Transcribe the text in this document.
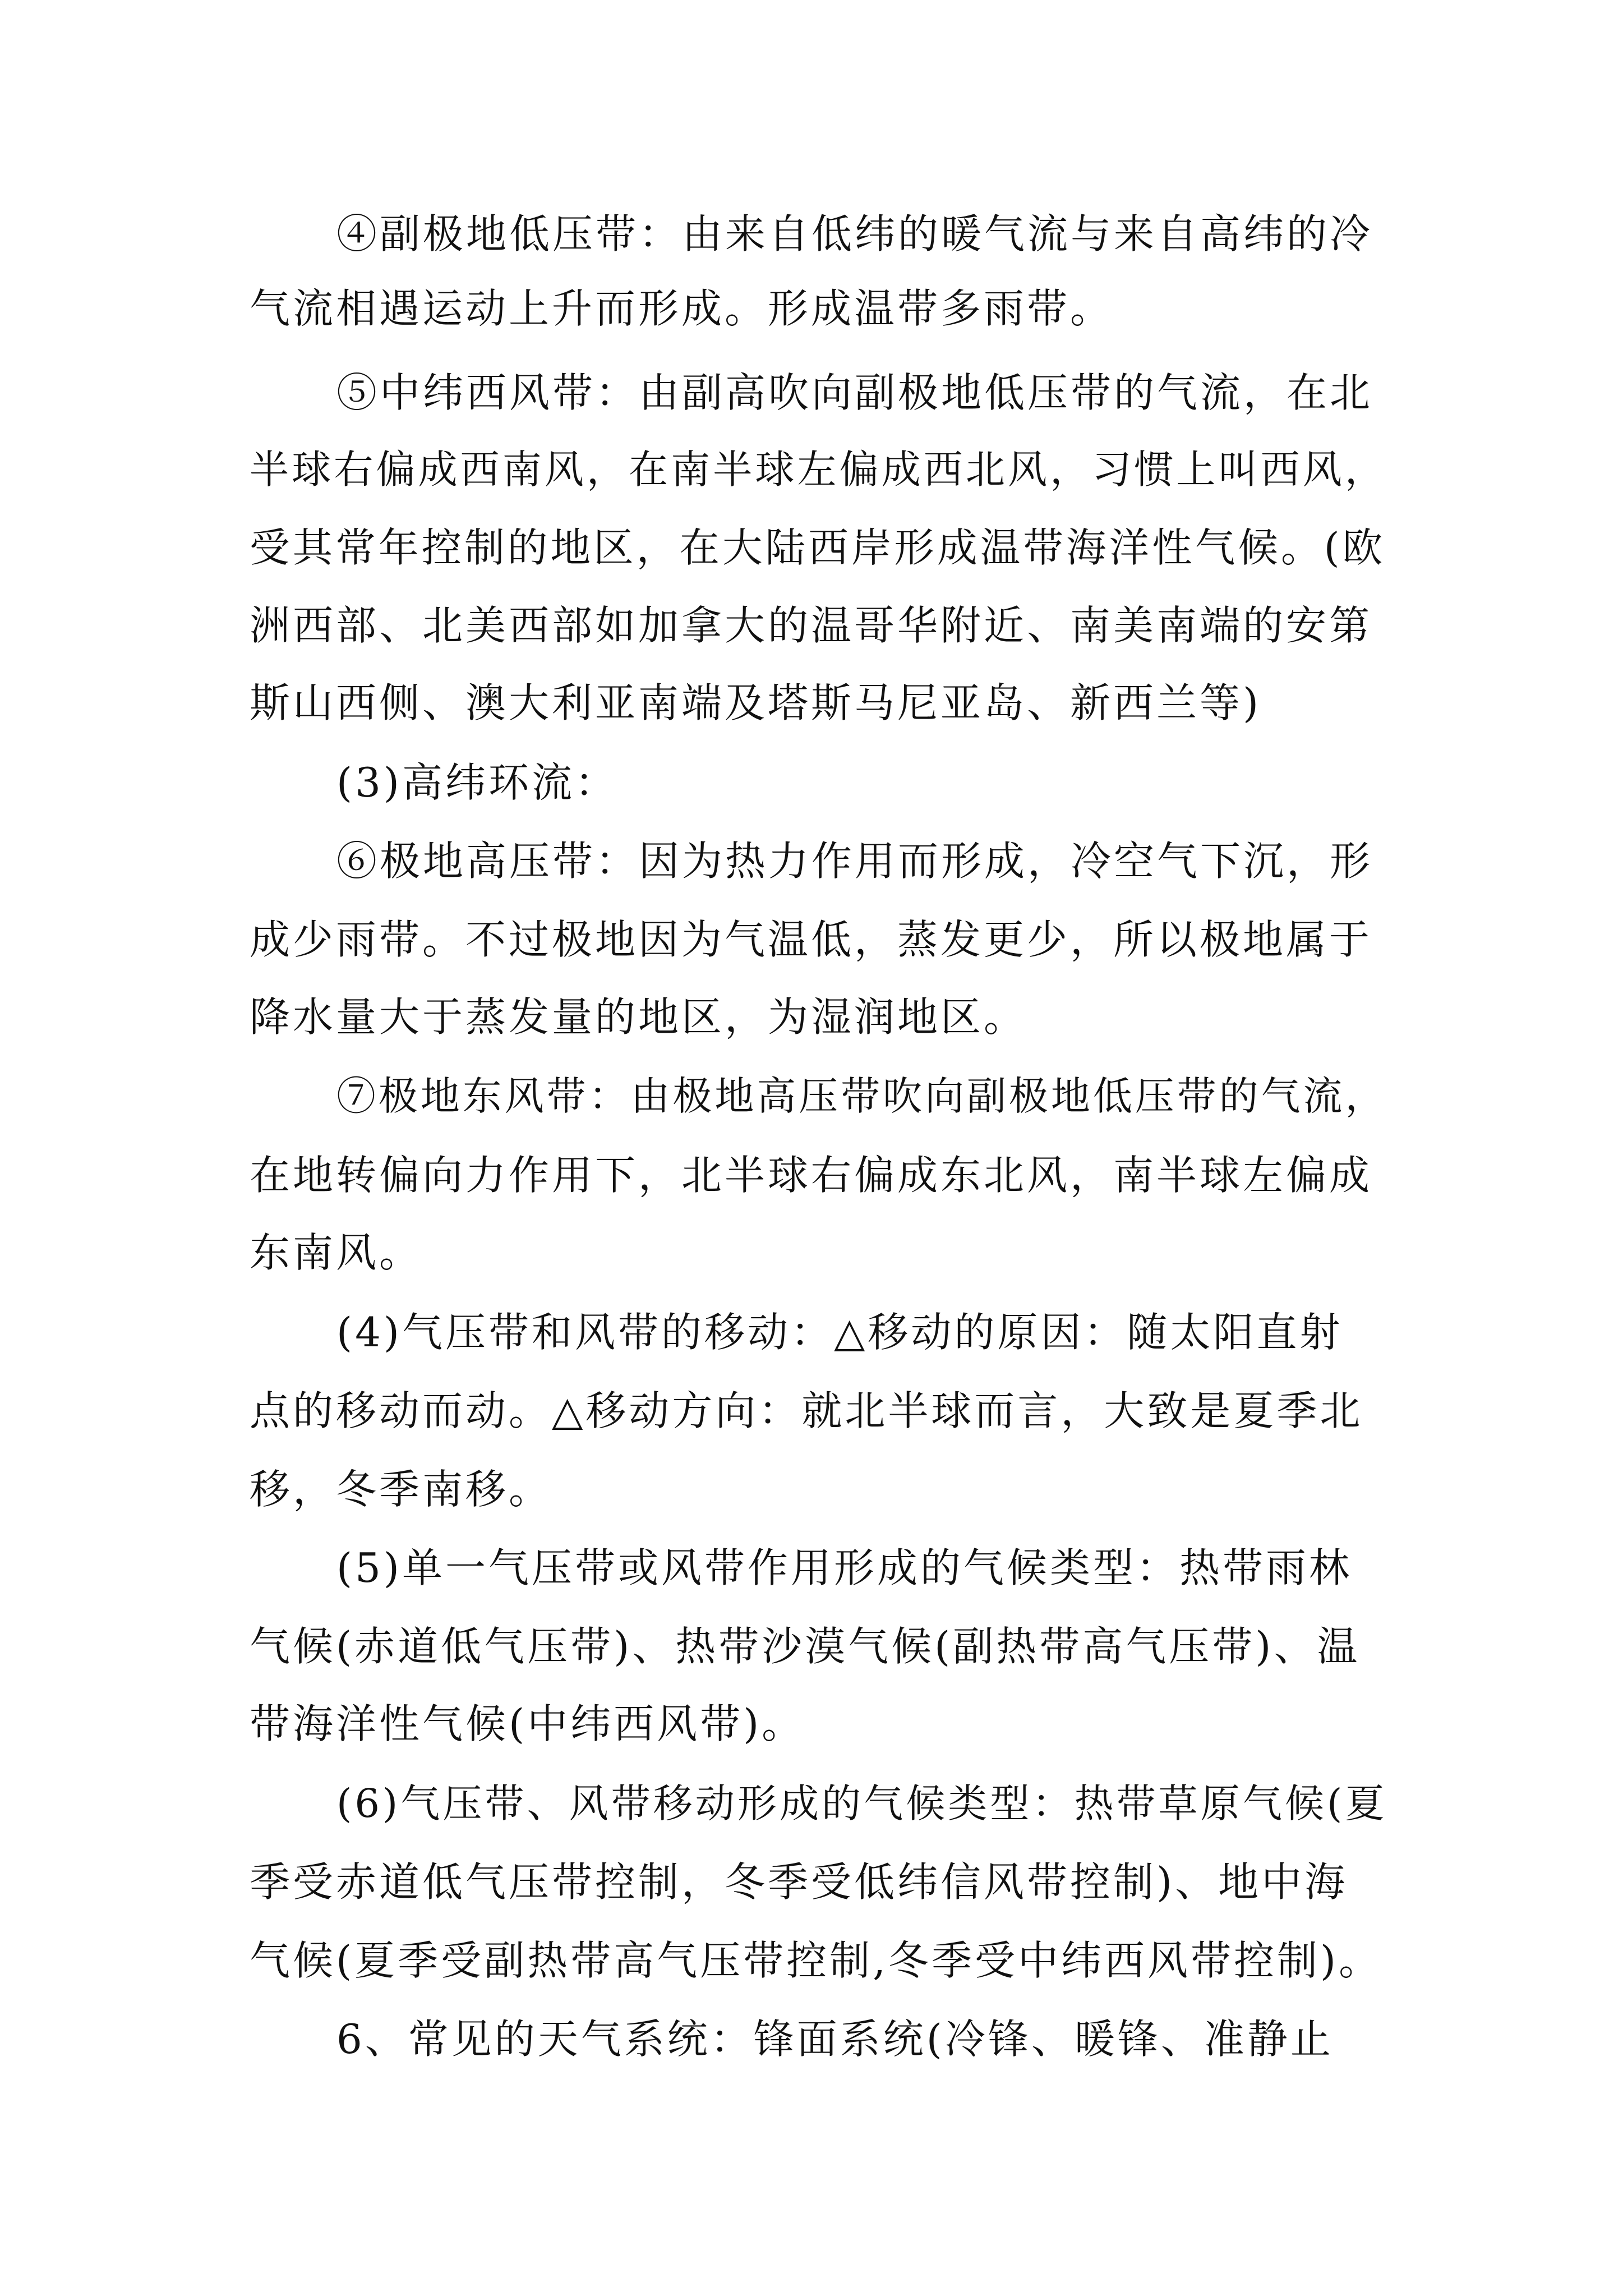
④副极地低压带：由来自低纬的暖气流与来自高纬的冷
气流相遇运动上升而形成。形成温带多雨带。
⑤中纬西风带：由副高吹向副极地低压带的气流，在北
半球右偏成西南风，在南半球左偏成西北风，习惯上叫西风，
受其常年控制的地区，在大陆西岸形成温带海洋性气候。(欧
洲西部、北美西部如加拿大的温哥华附近、南美南端的安第
斯山西侧、澳大利亚南端及塔斯马尼亚岛、新西兰等)
(3)高纬环流：
⑥极地高压带：因为热力作用而形成，冷空气下沉，形
成少雨带。不过极地因为气温低，蒸发更少，所以极地属于
降水量大于蒸发量的地区，为湿润地区。
⑦极地东风带：由极地高压带吹向副极地低压带的气流，
在地转偏向力作用下，北半球右偏成东北风，南半球左偏成
东南风。
(4)气压带和风带的移动：△移动的原因：随太阳直射
点的移动而动。△移动方向：就北半球而言，大致是夏季北
移，冬季南移。
(5)单一气压带或风带作用形成的气候类型：热带雨林
气候(赤道低气压带)、热带沙漠气候(副热带高气压带)、温
带海洋性气候(中纬西风带)。
(6)气压带、风带移动形成的气候类型：热带草原气候(夏
季受赤道低气压带控制，冬季受低纬信风带控制)、地中海
气候(夏季受副热带高气压带控制,冬季受中纬西风带控制)。
6、常见的天气系统：锋面系统(冷锋、暖锋、准静止
